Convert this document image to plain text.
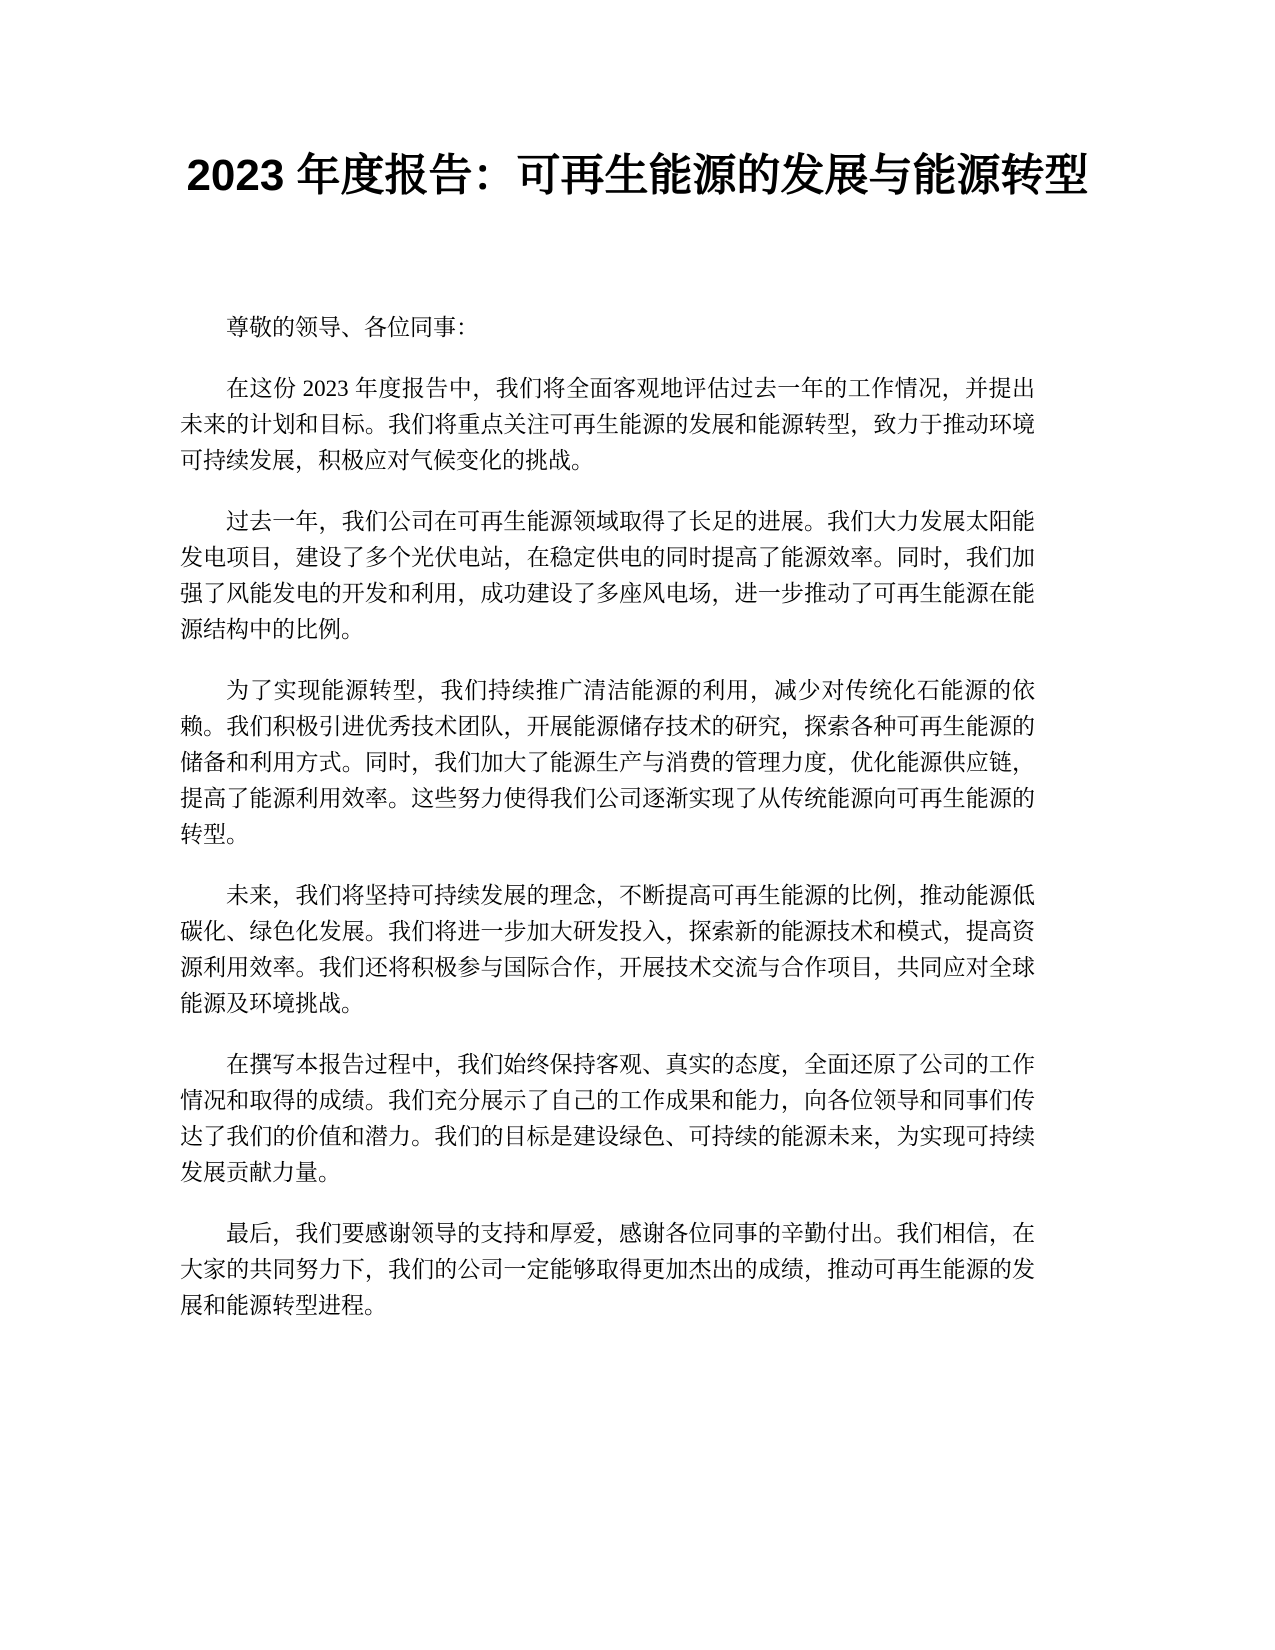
2023 年度报告：可再生能源的发展与能源转型

尊敬的领导、各位同事：

在这份 2023 年度报告中，我们将全面客观地评估过去一年的工作情况，并提出未来的计划和目标。我们将重点关注可再生能源的发展和能源转型，致力于推动环境可持续发展，积极应对气候变化的挑战。

过去一年，我们公司在可再生能源领域取得了长足的进展。我们大力发展太阳能发电项目，建设了多个光伏电站，在稳定供电的同时提高了能源效率。同时，我们加强了风能发电的开发和利用，成功建设了多座风电场，进一步推动了可再生能源在能源结构中的比例。

为了实现能源转型，我们持续推广清洁能源的利用，减少对传统化石能源的依赖。我们积极引进优秀技术团队，开展能源储存技术的研究，探索各种可再生能源的储备和利用方式。同时，我们加大了能源生产与消费的管理力度，优化能源供应链，提高了能源利用效率。这些努力使得我们公司逐渐实现了从传统能源向可再生能源的转型。

未来，我们将坚持可持续发展的理念，不断提高可再生能源的比例，推动能源低碳化、绿色化发展。我们将进一步加大研发投入，探索新的能源技术和模式，提高资源利用效率。我们还将积极参与国际合作，开展技术交流与合作项目，共同应对全球能源及环境挑战。

在撰写本报告过程中，我们始终保持客观、真实的态度，全面还原了公司的工作情况和取得的成绩。我们充分展示了自己的工作成果和能力，向各位领导和同事们传达了我们的价值和潜力。我们的目标是建设绿色、可持续的能源未来，为实现可持续发展贡献力量。

最后，我们要感谢领导的支持和厚爱，感谢各位同事的辛勤付出。我们相信，在大家的共同努力下，我们的公司一定能够取得更加杰出的成绩，推动可再生能源的发展和能源转型进程。
